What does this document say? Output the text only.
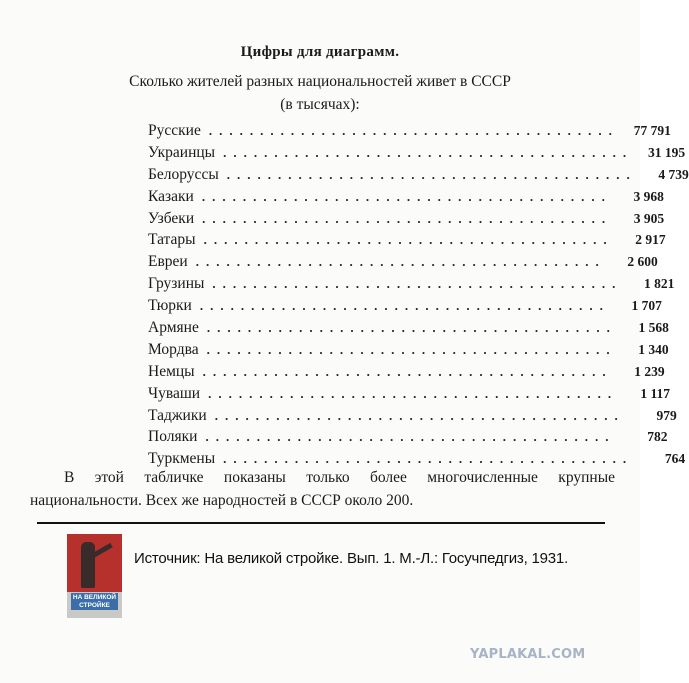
Цифры для диаграмм.
Сколько жителей разных национальностей живет в СССР
(в тысячах):
Русские ........................................	77 791
Украинцы ........................................	31 195
Белоруссы ........................................	4 739
Казаки ........................................	3 968
Узбеки ........................................	3 905
Татары ........................................	2 917
Евреи ........................................	2 600
Грузины ........................................	1 821
Тюрки ........................................	1 707
Армяне ........................................	1 568
Мордва ........................................	1 340
Немцы ........................................	1 239
Чуваши ........................................	1 117
Таджики ........................................	979
Поляки ........................................	782
Туркмены ........................................	764
В этой табличке показаны только более многочисленные крупные национальности. Всех же народностей в СССР около 200.
НА ВЕЛИКОЙ СТРОЙКЕ
Источник: На великой стройке. Вып. 1. М.-Л.: Госучпедгиз, 1931.
YAPLAKAL.COM
